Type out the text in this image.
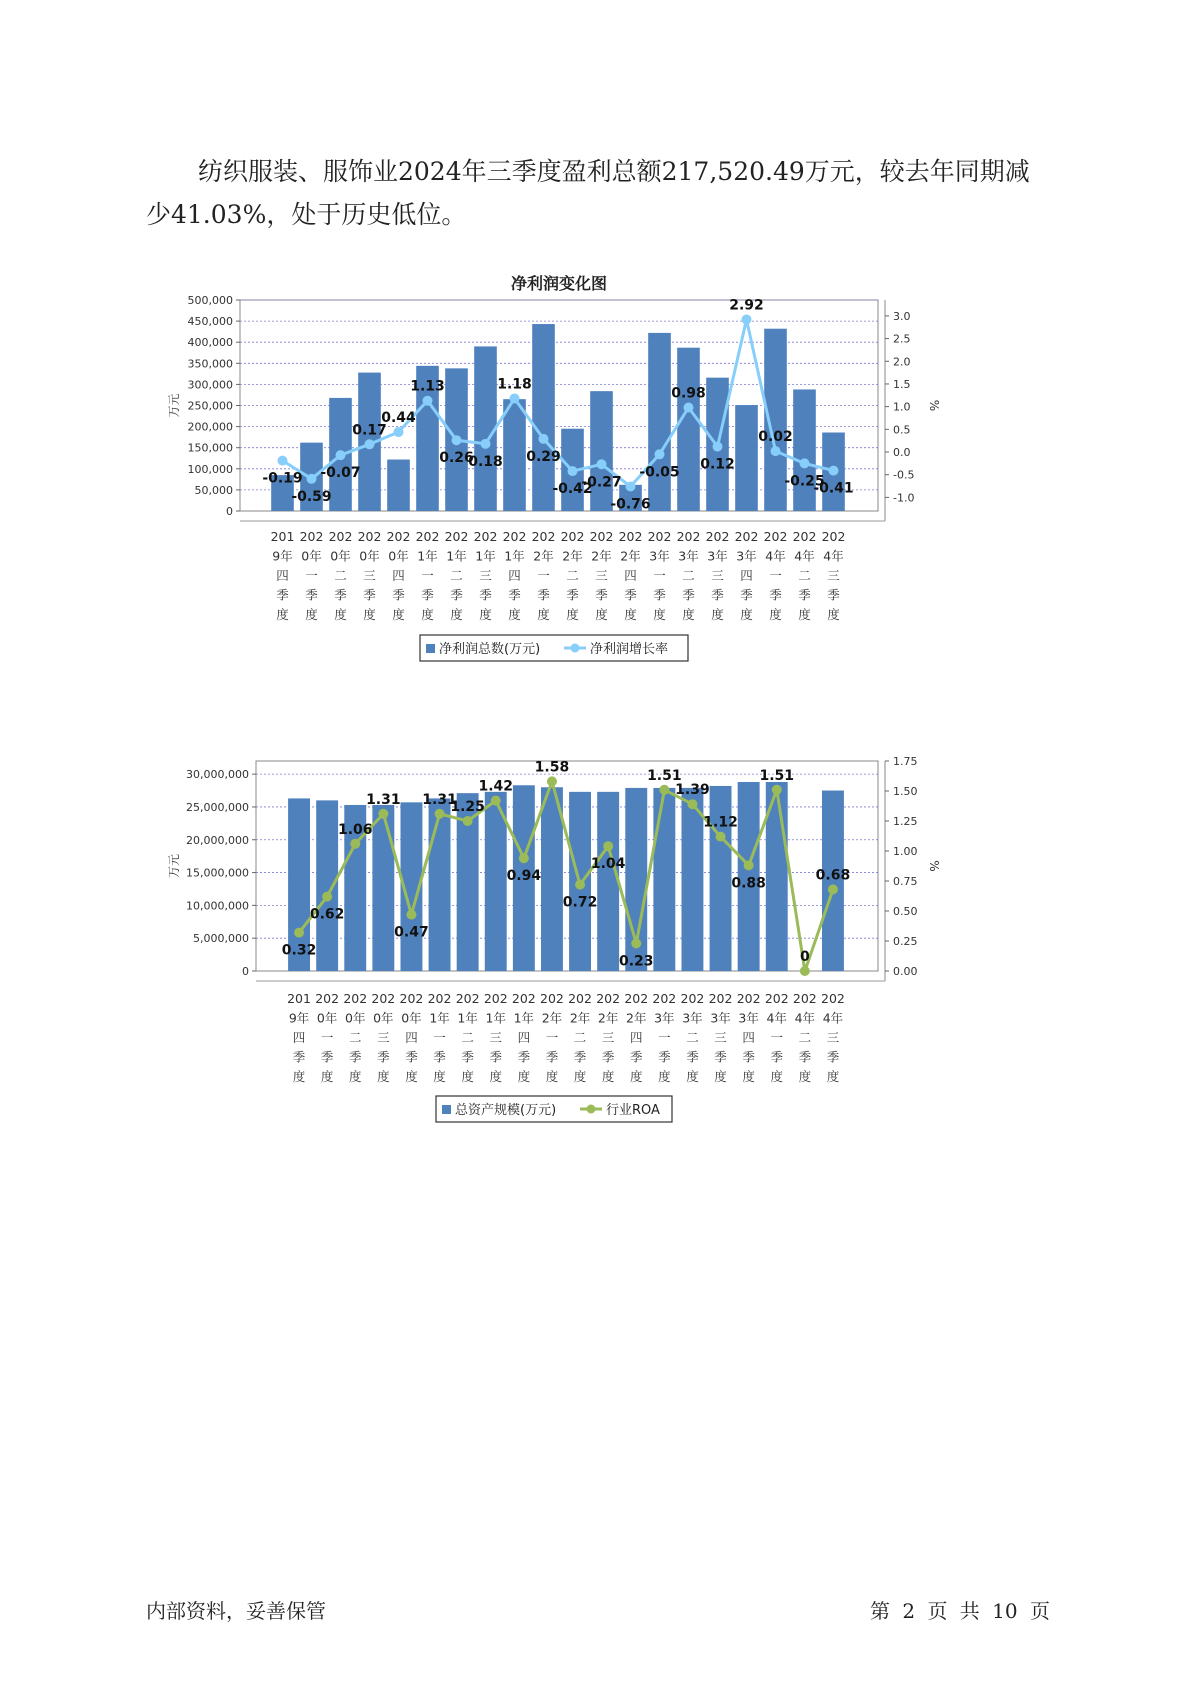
纺织服装、服饰业2024年三季度盈利总额217,520.49万元，较去年同期减少41.03%，处于历史低位。

净利润变化图
0
50,000
100,000
150,000
200,000
250,000
300,000
350,000
400,000
450,000
500,000
-1.0
-0.5
0.0
0.5
1.0
1.5
2.0
2.5
3.0
万元	%
-0.19
-0.59
-0.07
0.17
0.44
1.13
0.26
0.18
1.18
0.29
-0.42
-0.27
-0.76
-0.05
0.98
0.12
2.92
0.02
-0.25
-0.41
201
9年
四
季
度
202
0年
一
季
度
202
0年
二
季
度
202
0年
三
季
度
202
0年
四
季
度
202
1年
一
季
度
202
1年
二
季
度
202
1年
三
季
度
202
1年
四
季
度
202
2年
一
季
度
202
2年
二
季
度
202
2年
三
季
度
202
2年
四
季
度
202
3年
一
季
度
202
3年
二
季
度
202
3年
三
季
度
202
3年
四
季
度
202
4年
一
季
度
202
4年
二
季
度
202
4年
三
季
度
净利润总数(万元)	净利润增长率
0
5,000,000
10,000,000
15,000,000
20,000,000
25,000,000
30,000,000
0.00
0.25
0.50
0.75
1.00
1.25
1.50
1.75
万元	%
0.32
0.62
1.06
1.31
0.47
1.31
1.25
1.42
0.94
1.58
0.72
1.04
0.23
1.51
1.39
1.12
0.88
1.51
0
0.68
201
9年
四
季
度
202
0年
一
季
度
202
0年
二
季
度
202
0年
三
季
度
202
0年
四
季
度
202
1年
一
季
度
202
1年
二
季
度
202
1年
三
季
度
202
1年
四
季
度
202
2年
一
季
度
202
2年
二
季
度
202
2年
三
季
度
202
2年
四
季
度
202
3年
一
季
度
202
3年
二
季
度
202
3年
三
季
度
202
3年
四
季
度
202
4年
一
季
度
202
4年
二
季
度
202
4年
三
季
度
总资产规模(万元)	行业ROA
内部资料，妥善保管	第 2 页 共 10 页
